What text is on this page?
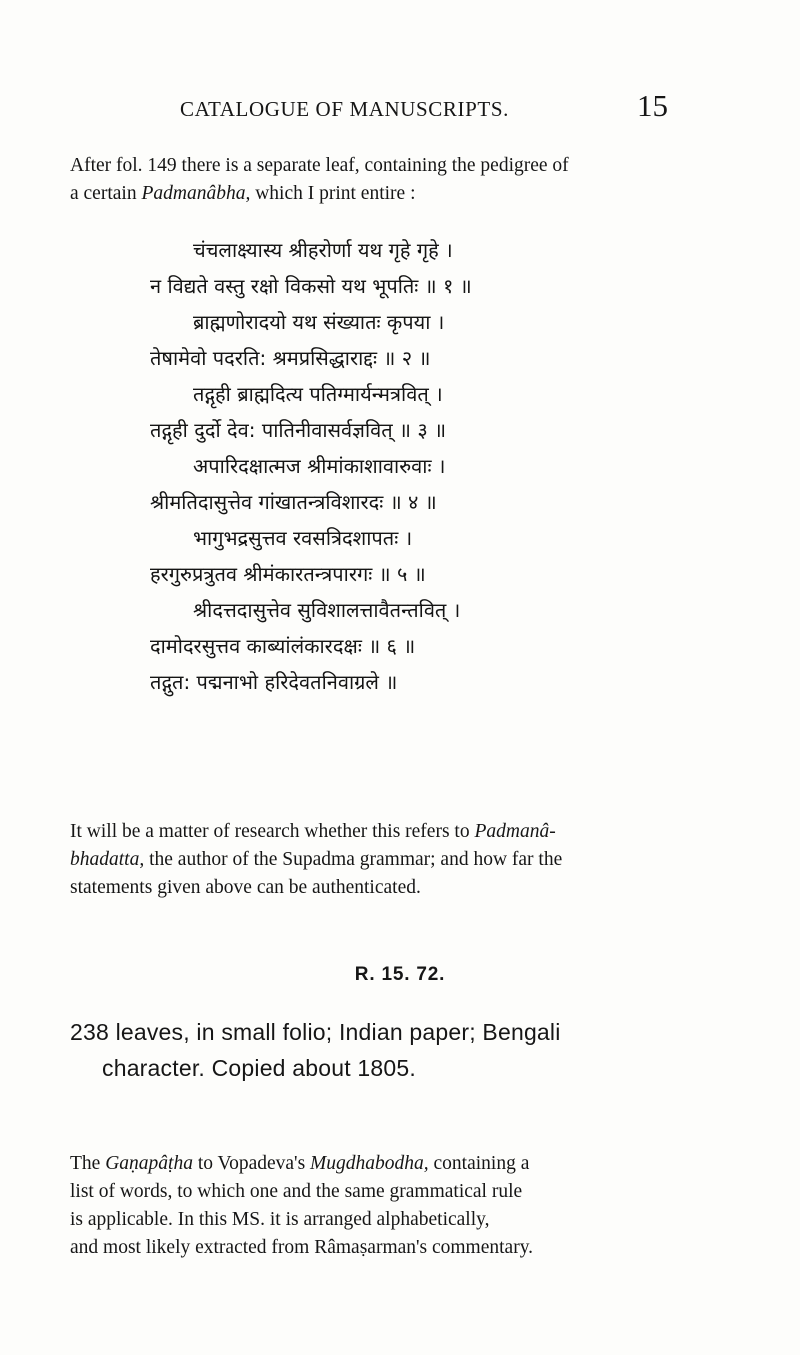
CATALOGUE OF MANUSCRIPTS.	15
After fol. 149 there is a separate leaf, containing the pedigree of
a certain Padmanâbha, which I print entire :
चंचलाक्ष्यास्य श्रीहरोर्णा यथ गृहे गृहे ।
न विद्यते वस्तु रक्षो विकसो यथ भूपतिः ॥ १ ॥
ब्राह्मणोरादयो यथ संख्यातः कृपया ।
तेषामेवो पदरति: श्रमप्रसिद्धाराद्दः ॥ २ ॥
तद्गृही ब्राह्मदित्य पतिग्मार्यन्मत्रवित् ।
तद्गृही दुर्दो देव: पातिनीवासर्वज्ञवित् ॥ ३ ॥
अपारिदक्षात्मज श्रीमांकाशावारुवाः ।
श्रीमतिदासुत्तेव गांखातन्त्रविशारदः ॥ ४ ॥
भागुभद्रसुत्तव रवसत्रिदशापतः ।
हरगुरुप्रत्रुतव श्रीमंकारतन्त्रपारगः ॥ ५ ॥
श्रीदत्तदासुत्तेव सुविशालत्तावैतन्तवित् ।
दामोदरसुत्तव काब्यांलंकारदक्षः ॥ ६ ॥
तद्गुत: पद्मनाभो हरिदेवतनिवाग्रले ॥
It will be a matter of research whether this refers to Padmanâ-
bhadatta, the author of the Supadma grammar; and how far the
statements given above can be authenticated.
R. 15. 72.
238 leaves, in small folio; Indian paper; Bengali
character. Copied about 1805.
The Gaṇapâṭha to Vopadeva's Mugdhabodha, containing a
list of words, to which one and the same grammatical rule
is applicable. In this MS. it is arranged alphabetically,
and most likely extracted from Râmaṣarman's commentary.
